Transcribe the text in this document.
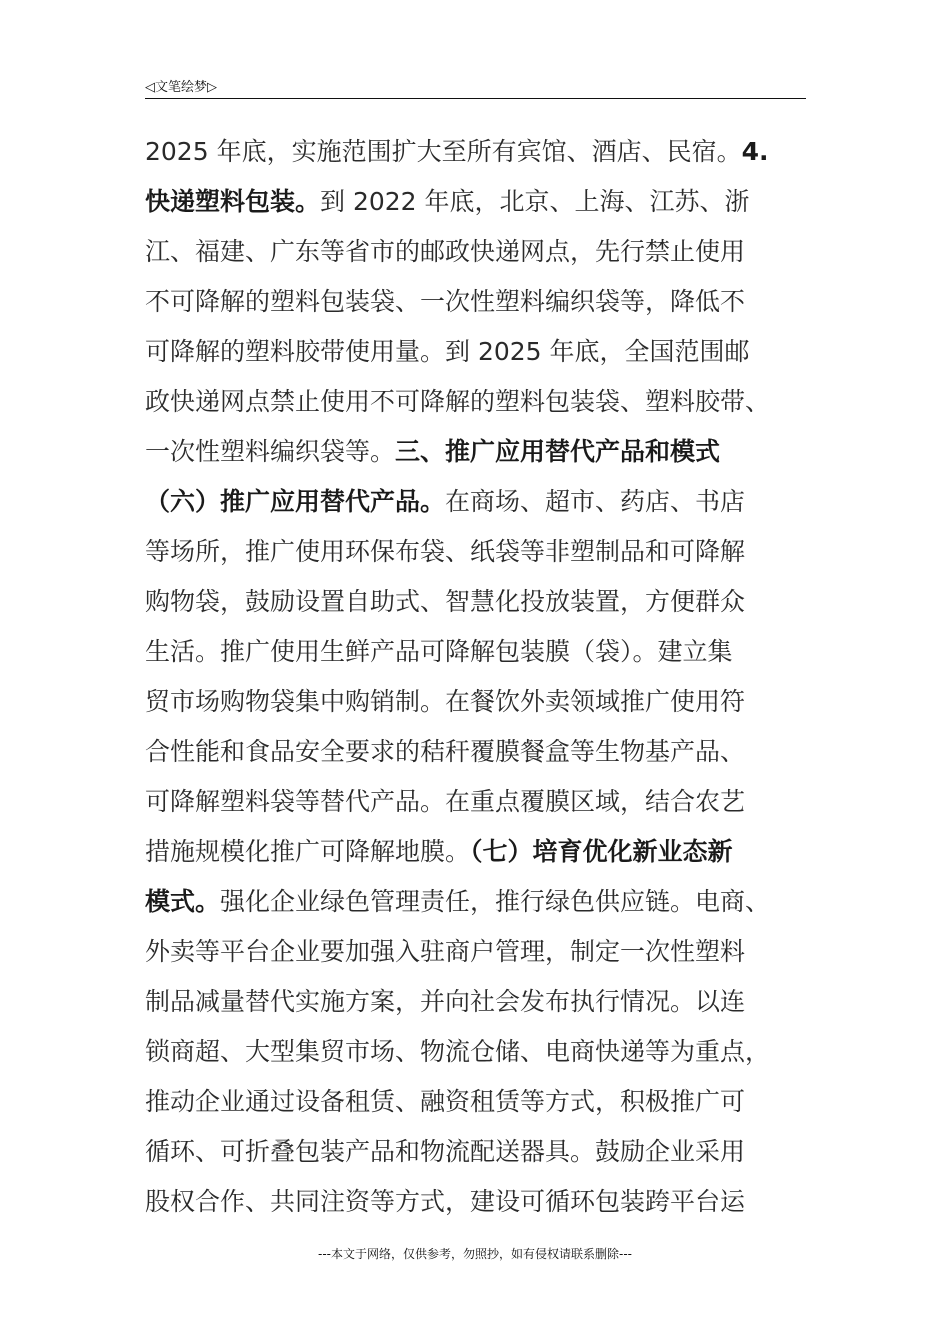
◁文笔绘梦▷
2025 年底，实施范围扩大至所有宾馆、酒店、民宿。4.
快递塑料包装。到 2022 年底，北京、上海、江苏、浙
江、福建、广东等省市的邮政快递网点，先行禁止使用
不可降解的塑料包装袋、一次性塑料编织袋等，降低不
可降解的塑料胶带使用量。到 2025 年底，全国范围邮
政快递网点禁止使用不可降解的塑料包装袋、塑料胶带、
一次性塑料编织袋等。三、推广应用替代产品和模式
（六）推广应用替代产品。在商场、超市、药店、书店
等场所，推广使用环保布袋、纸袋等非塑制品和可降解
购物袋，鼓励设置自助式、智慧化投放装置，方便群众
生活。推广使用生鲜产品可降解包装膜（袋）。建立集
贸市场购物袋集中购销制。在餐饮外卖领域推广使用符
合性能和食品安全要求的秸秆覆膜餐盒等生物基产品、
可降解塑料袋等替代产品。在重点覆膜区域，结合农艺
措施规模化推广可降解地膜。（七）培育优化新业态新
模式。强化企业绿色管理责任，推行绿色供应链。电商、
外卖等平台企业要加强入驻商户管理，制定一次性塑料
制品减量替代实施方案，并向社会发布执行情况。以连
锁商超、大型集贸市场、物流仓储、电商快递等为重点，
推动企业通过设备租赁、融资租赁等方式，积极推广可
循环、可折叠包装产品和物流配送器具。鼓励企业采用
股权合作、共同注资等方式，建设可循环包装跨平台运
---本文于网络，仅供参考，勿照抄，如有侵权请联系删除---
